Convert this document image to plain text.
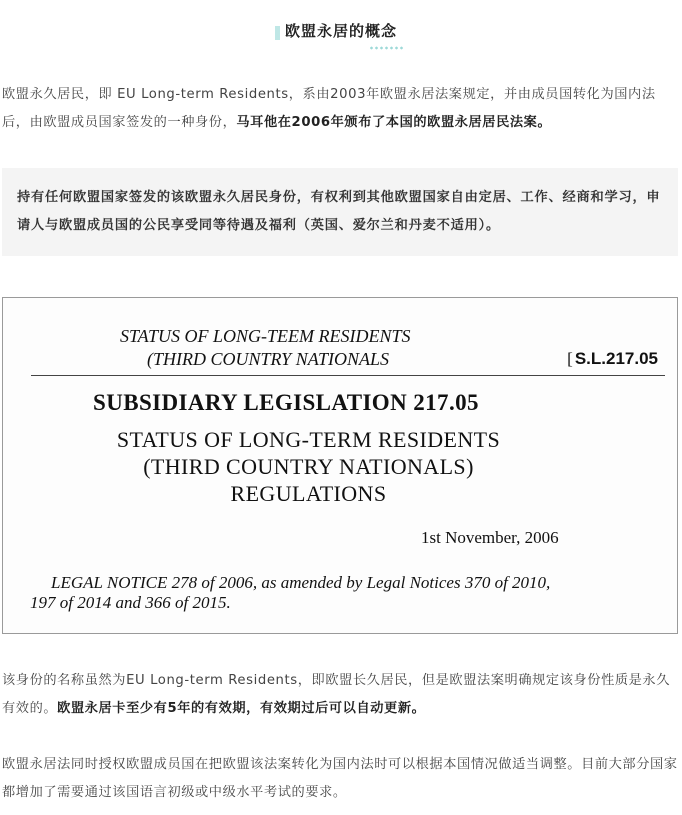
欧盟永居的概念
欧盟永久居民，即 EU Long-term Residents，系由2003年欧盟永居法案规定，并由成员国转化为国内法后，由欧盟成员国家签发的一种身份，马耳他在2006年颁布了本国的欧盟永居居民法案。

持有任何欧盟国家签发的该欧盟永久居民身份，有权利到其他欧盟国家自由定居、工作、经商和学习，申请人与欧盟成员国的公民享受同等待遇及福利（英国、爱尔兰和丹麦不适用）。

STATUS OF LONG-TEEM RESIDENTS
(THIRD COUNTRY NATIONALS	[ S.L.217.05
SUBSIDIARY LEGISLATION 217.05
STATUS OF LONG-TERM RESIDENTS
(THIRD COUNTRY NATIONALS)
REGULATIONS
1st November, 2006
LEGAL NOTICE 278 of 2006, as amended by Legal Notices 370 of 2010,
197 of 2014 and 366 of 2015.
该身份的名称虽然为EU Long-term Residents，即欧盟长久居民，但是欧盟法案明确规定该身份性质是永久有效的。欧盟永居卡至少有5年的有效期，有效期过后可以自动更新。
欧盟永居法同时授权欧盟成员国在把欧盟该法案转化为国内法时可以根据本国情况做适当调整。目前大部分国家都增加了需要通过该国语言初级或中级水平考试的要求。
